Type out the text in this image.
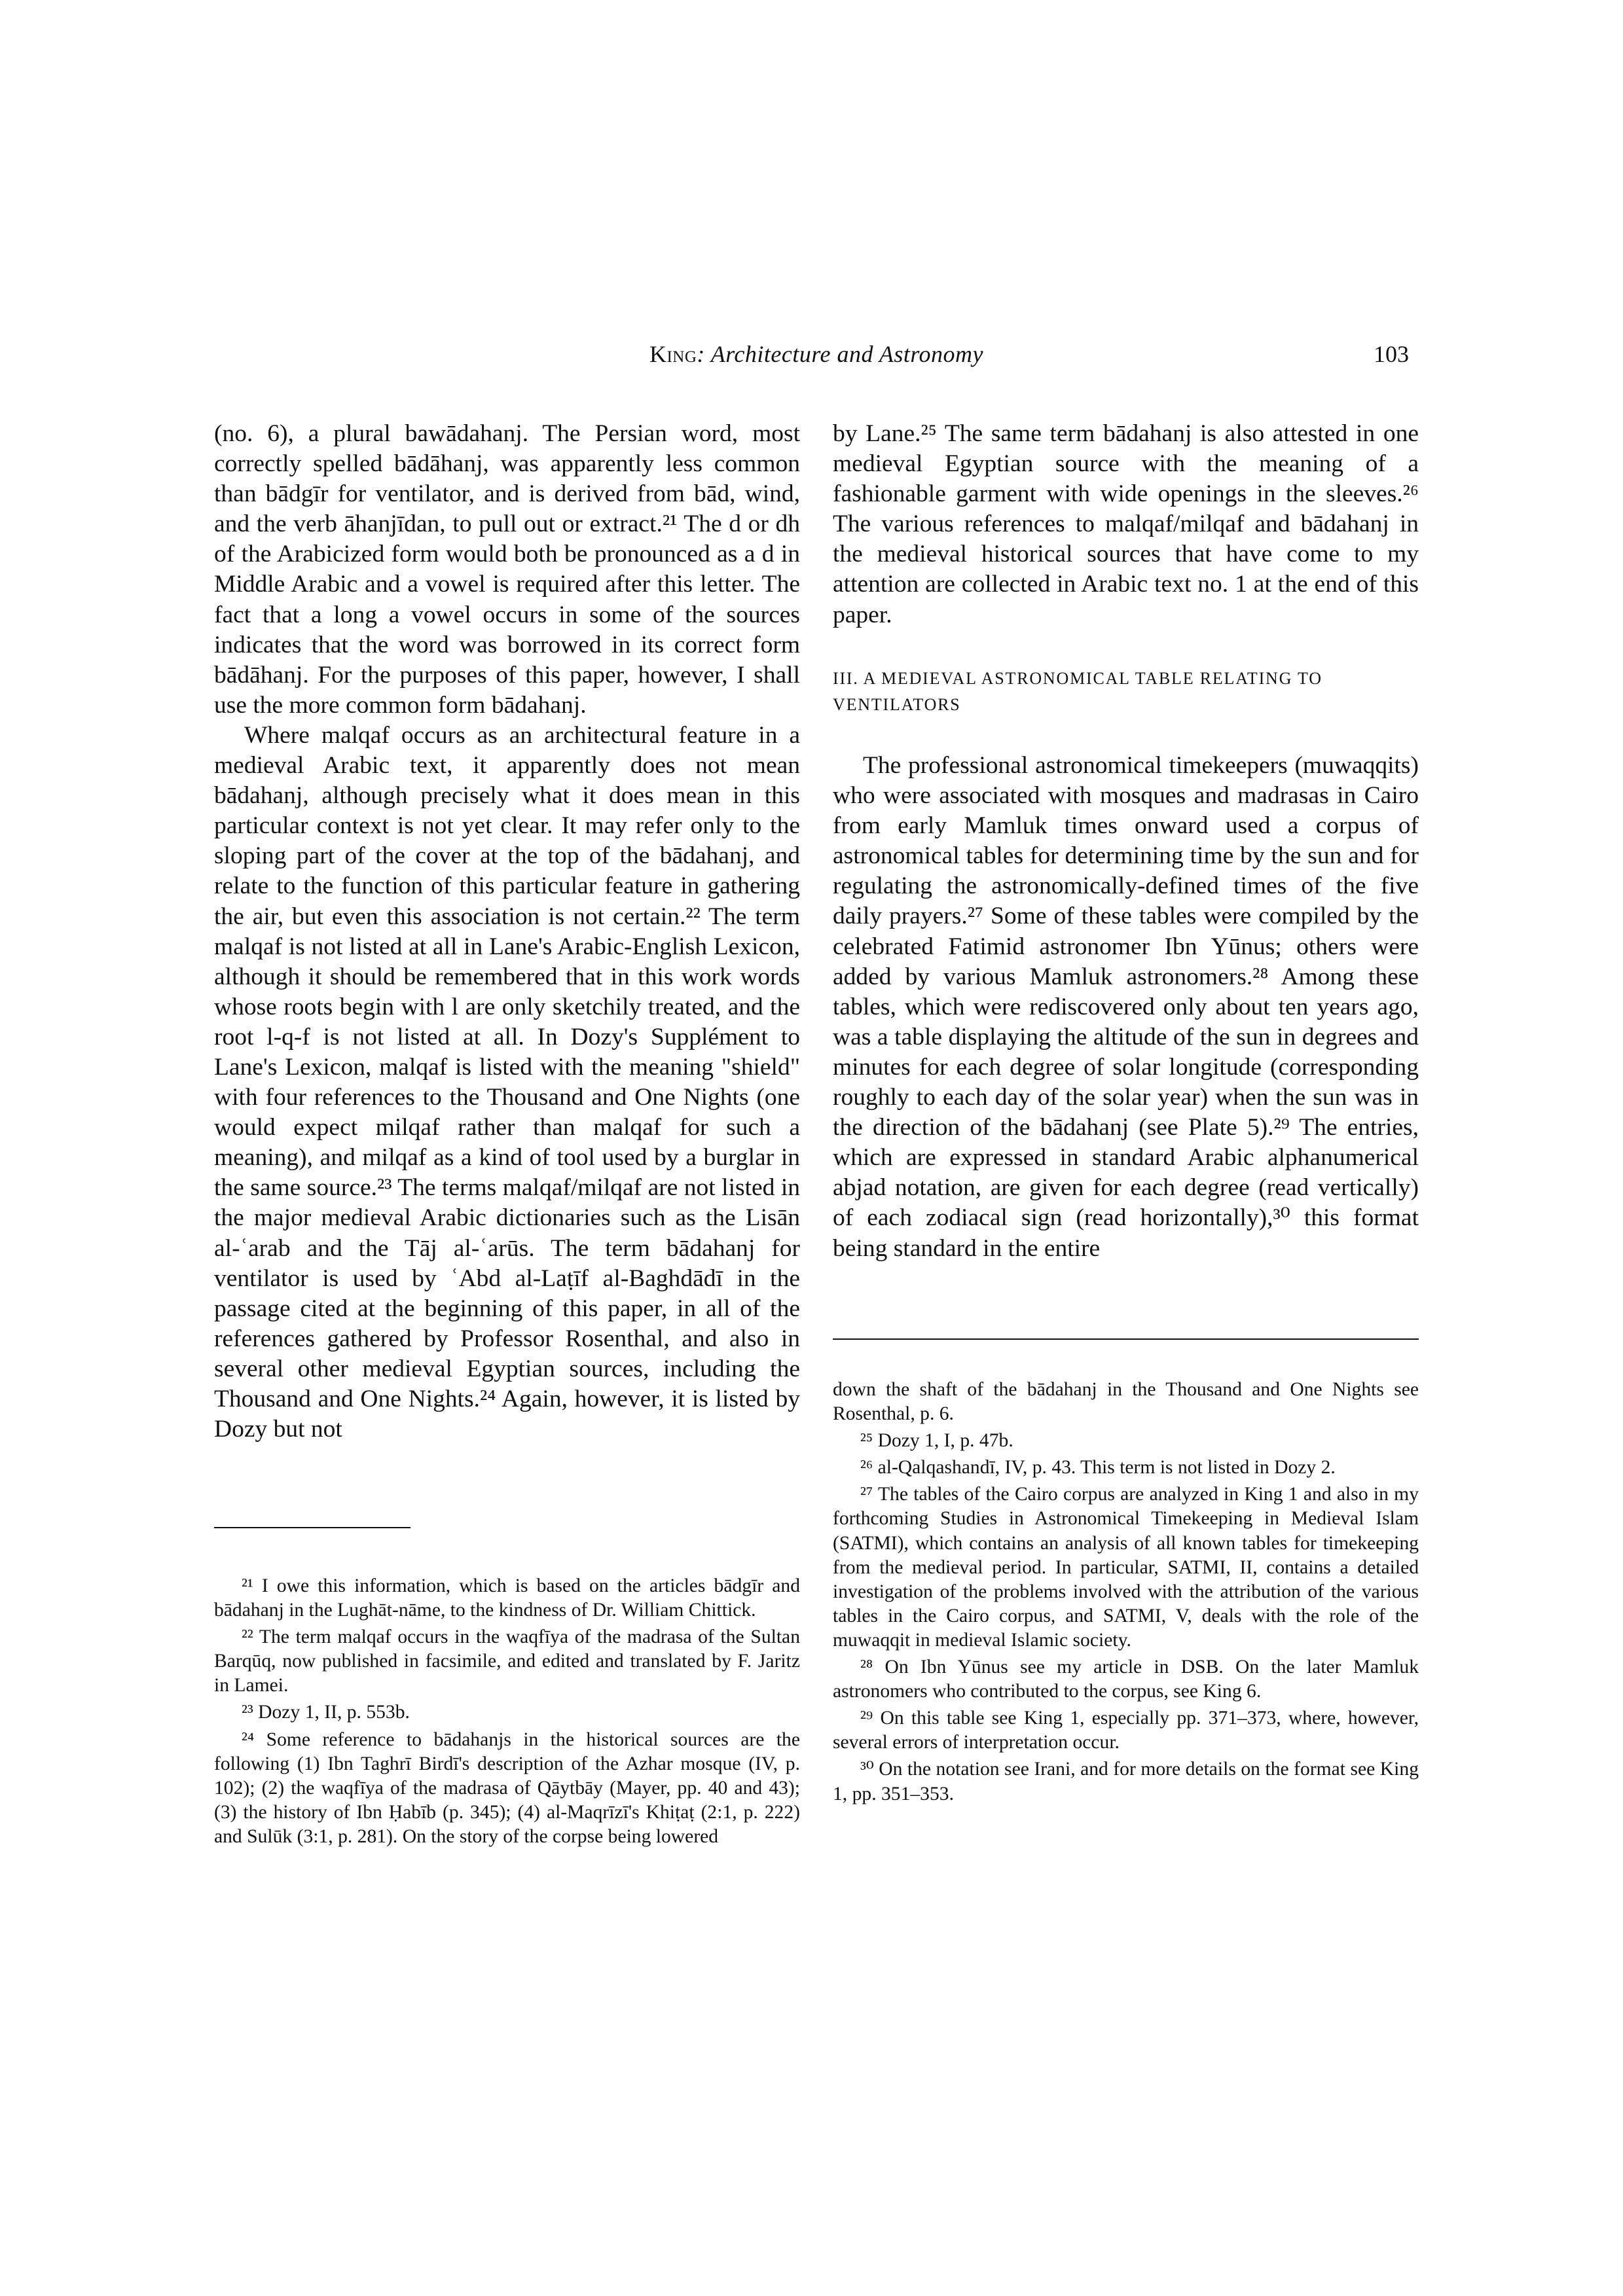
King: Architecture and Astronomy	103

(no. 6), a plural bawādahanj. The Persian word, most correctly spelled bādāhanj, was apparently less common than bādgīr for ventilator, and is derived from bād, wind, and the verb āhanjīdan, to pull out or extract.²¹ The d or dh of the Arabicized form would both be pronounced as a d in Middle Arabic and a vowel is required after this letter. The fact that a long a vowel occurs in some of the sources indicates that the word was borrowed in its correct form bādāhanj. For the purposes of this paper, however, I shall use the more common form bādahanj.

Where malqaf occurs as an architectural feature in a medieval Arabic text, it apparently does not mean bādahanj, although precisely what it does mean in this particular context is not yet clear. It may refer only to the sloping part of the cover at the top of the bādahanj, and relate to the function of this particular feature in gathering the air, but even this association is not certain.²² The term malqaf is not listed at all in Lane's Arabic-English Lexicon, although it should be remembered that in this work words whose roots begin with l are only sketchily treated, and the root l-q-f is not listed at all. In Dozy's Supplément to Lane's Lexicon, malqaf is listed with the meaning "shield" with four references to the Thousand and One Nights (one would expect milqaf rather than malqaf for such a meaning), and milqaf as a kind of tool used by a burglar in the same source.²³ The terms malqaf/milqaf are not listed in the major medieval Arabic dictionaries such as the Lisān al-ʿarab and the Tāj al-ʿarūs. The term bādahanj for ventilator is used by ʿAbd al-Laṭīf al-Baghdādī in the passage cited at the beginning of this paper, in all of the references gathered by Professor Rosenthal, and also in several other medieval Egyptian sources, including the Thousand and One Nights.²⁴ Again, however, it is listed by Dozy but not

²¹ I owe this information, which is based on the articles bādgīr and bādahanj in the Lughāt-nāme, to the kindness of Dr. William Chittick.

²² The term malqaf occurs in the waqfīya of the madrasa of the Sultan Barqūq, now published in facsimile, and edited and translated by F. Jaritz in Lamei.

²³ Dozy 1, II, p. 553b.

²⁴ Some reference to bādahanjs in the historical sources are the following (1) Ibn Taghrī Birdī's description of the Azhar mosque (IV, p. 102); (2) the waqfīya of the madrasa of Qāytbāy (Mayer, pp. 40 and 43); (3) the history of Ibn Ḥabīb (p. 345); (4) al-Maqrīzī's Khiṭaṭ (2:1, p. 222) and Sulūk (3:1, p. 281). On the story of the corpse being lowered

by Lane.²⁵ The same term bādahanj is also attested in one medieval Egyptian source with the meaning of a fashionable garment with wide openings in the sleeves.²⁶ The various references to malqaf/milqaf and bādahanj in the medieval historical sources that have come to my attention are collected in Arabic text no. 1 at the end of this paper.

III. A MEDIEVAL ASTRONOMICAL TABLE RELATING TO VENTILATORS

The professional astronomical timekeepers (muwaqqits) who were associated with mosques and madrasas in Cairo from early Mamluk times onward used a corpus of astronomical tables for determining time by the sun and for regulating the astronomically-defined times of the five daily prayers.²⁷ Some of these tables were compiled by the celebrated Fatimid astronomer Ibn Yūnus; others were added by various Mamluk astronomers.²⁸ Among these tables, which were rediscovered only about ten years ago, was a table displaying the altitude of the sun in degrees and minutes for each degree of solar longitude (corresponding roughly to each day of the solar year) when the sun was in the direction of the bādahanj (see Plate 5).²⁹ The entries, which are expressed in standard Arabic alphanumerical abjad notation, are given for each degree (read vertically) of each zodiacal sign (read horizontally),³⁰ this format being standard in the entire

down the shaft of the bādahanj in the Thousand and One Nights see Rosenthal, p. 6.

²⁵ Dozy 1, I, p. 47b.

²⁶ al-Qalqashandī, IV, p. 43. This term is not listed in Dozy 2.

²⁷ The tables of the Cairo corpus are analyzed in King 1 and also in my forthcoming Studies in Astronomical Timekeeping in Medieval Islam (SATMI), which contains an analysis of all known tables for timekeeping from the medieval period. In particular, SATMI, II, contains a detailed investigation of the problems involved with the attribution of the various tables in the Cairo corpus, and SATMI, V, deals with the role of the muwaqqit in medieval Islamic society.

²⁸ On Ibn Yūnus see my article in DSB. On the later Mamluk astronomers who contributed to the corpus, see King 6.

²⁹ On this table see King 1, especially pp. 371–373, where, however, several errors of interpretation occur.

³⁰ On the notation see Irani, and for more details on the format see King 1, pp. 351–353.
